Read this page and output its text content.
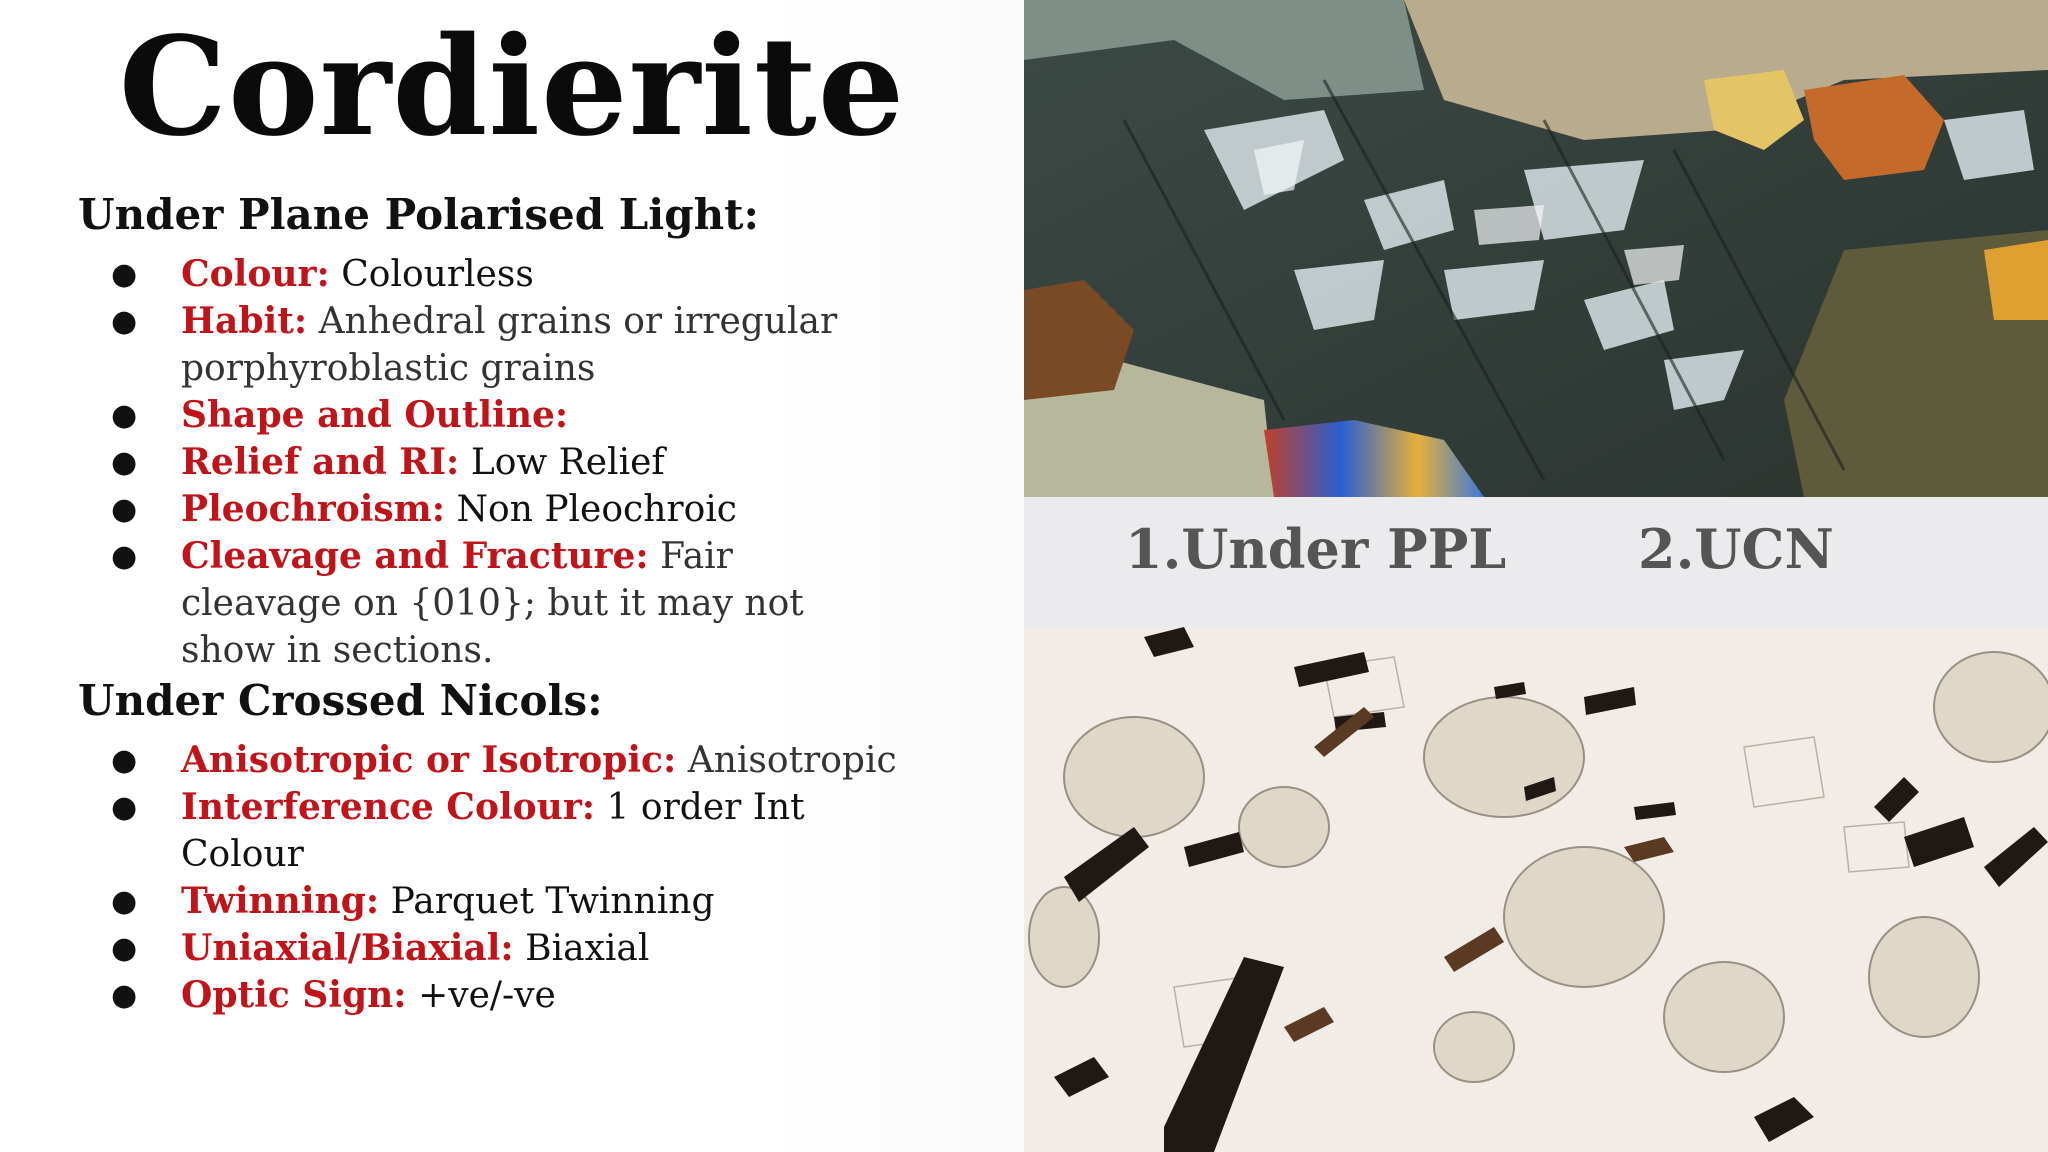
Cordierite
Under Plane Polarised Light:
● Colour: Colourless
● Habit: Anhedral grains or irregular porphyroblastic grains
● Shape and Outline:
● Relief and RI: Low Relief
● Pleochroism: Non Pleochroic
● Cleavage and Fracture: Fair cleavage on {010}; but it may not show in sections.
Under Crossed Nicols:
● Anisotropic or Isotropic: Anisotropic
● Interference Colour: 1 order Int Colour
● Twinning: Parquet Twinning
● Uniaxial/Biaxial: Biaxial
● Optic Sign: +ve/-ve
1.Under PPL 2.UCN
